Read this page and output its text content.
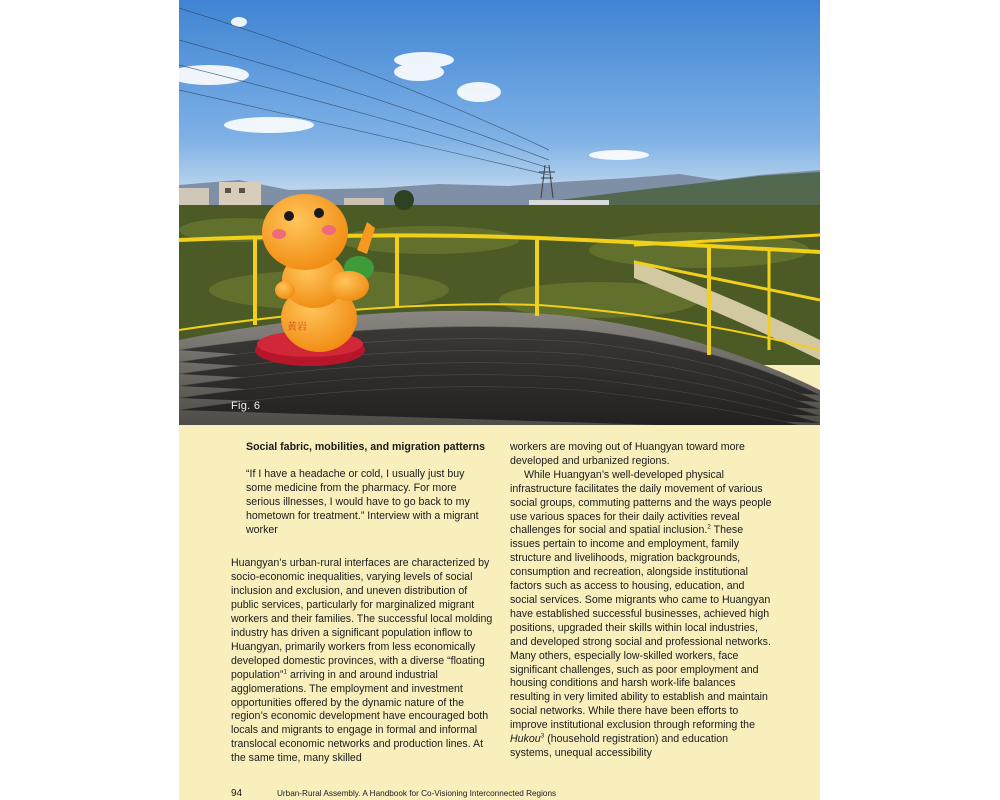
黄岩
Fig. 6

Social fabric, mobilities, and migration patterns

“If I have a headache or cold, I usually just buy some medicine from the pharmacy. For more serious illnesses, I would have to go back to my hometown for treatment.” Interview with a migrant worker

Huangyan’s urban-rural interfaces are characterized by socio-economic inequalities, varying levels of social inclusion and exclusion, and uneven distribution of public services, particularly for marginalized migrant workers and their families. The successful local molding industry has driven a significant population inflow to Huangyan, primarily workers from less economically developed domestic provinces, with a diverse “floating population”$^1$ arriving in and around industrial agglomerations. The employment and investment opportunities offered by the dynamic nature of the region’s economic development have encouraged both locals and migrants to engage in formal and informal translocal economic networks and production lines. At the same time, many skilled

workers are moving out of Huangyan toward more developed and urbanized regions.

While Huangyan’s well-developed physical infrastructure facilitates the daily movement of various social groups, commuting patterns and the ways people use various spaces for their daily activities reveal challenges for social and spatial inclusion.$^2$ These issues pertain to income and employment, family structure and livelihoods, migration backgrounds, consumption and recreation, alongside institutional factors such as access to housing, education, and social services. Some migrants who came to Huangyan have established successful businesses, achieved high positions, upgraded their skills within local industries, and developed strong social and professional networks. Many others, especially low-skilled workers, face significant challenges, such as poor employment and housing conditions and harsh work-life balances resulting in very limited ability to establish and maintain social networks. While there have been efforts to improve institutional exclusion through reforming the Hukou$^3$ (household registration) and education systems, unequal accessibility

94	Urban-Rural Assembly. A Handbook for Co-Visioning Interconnected Regions
